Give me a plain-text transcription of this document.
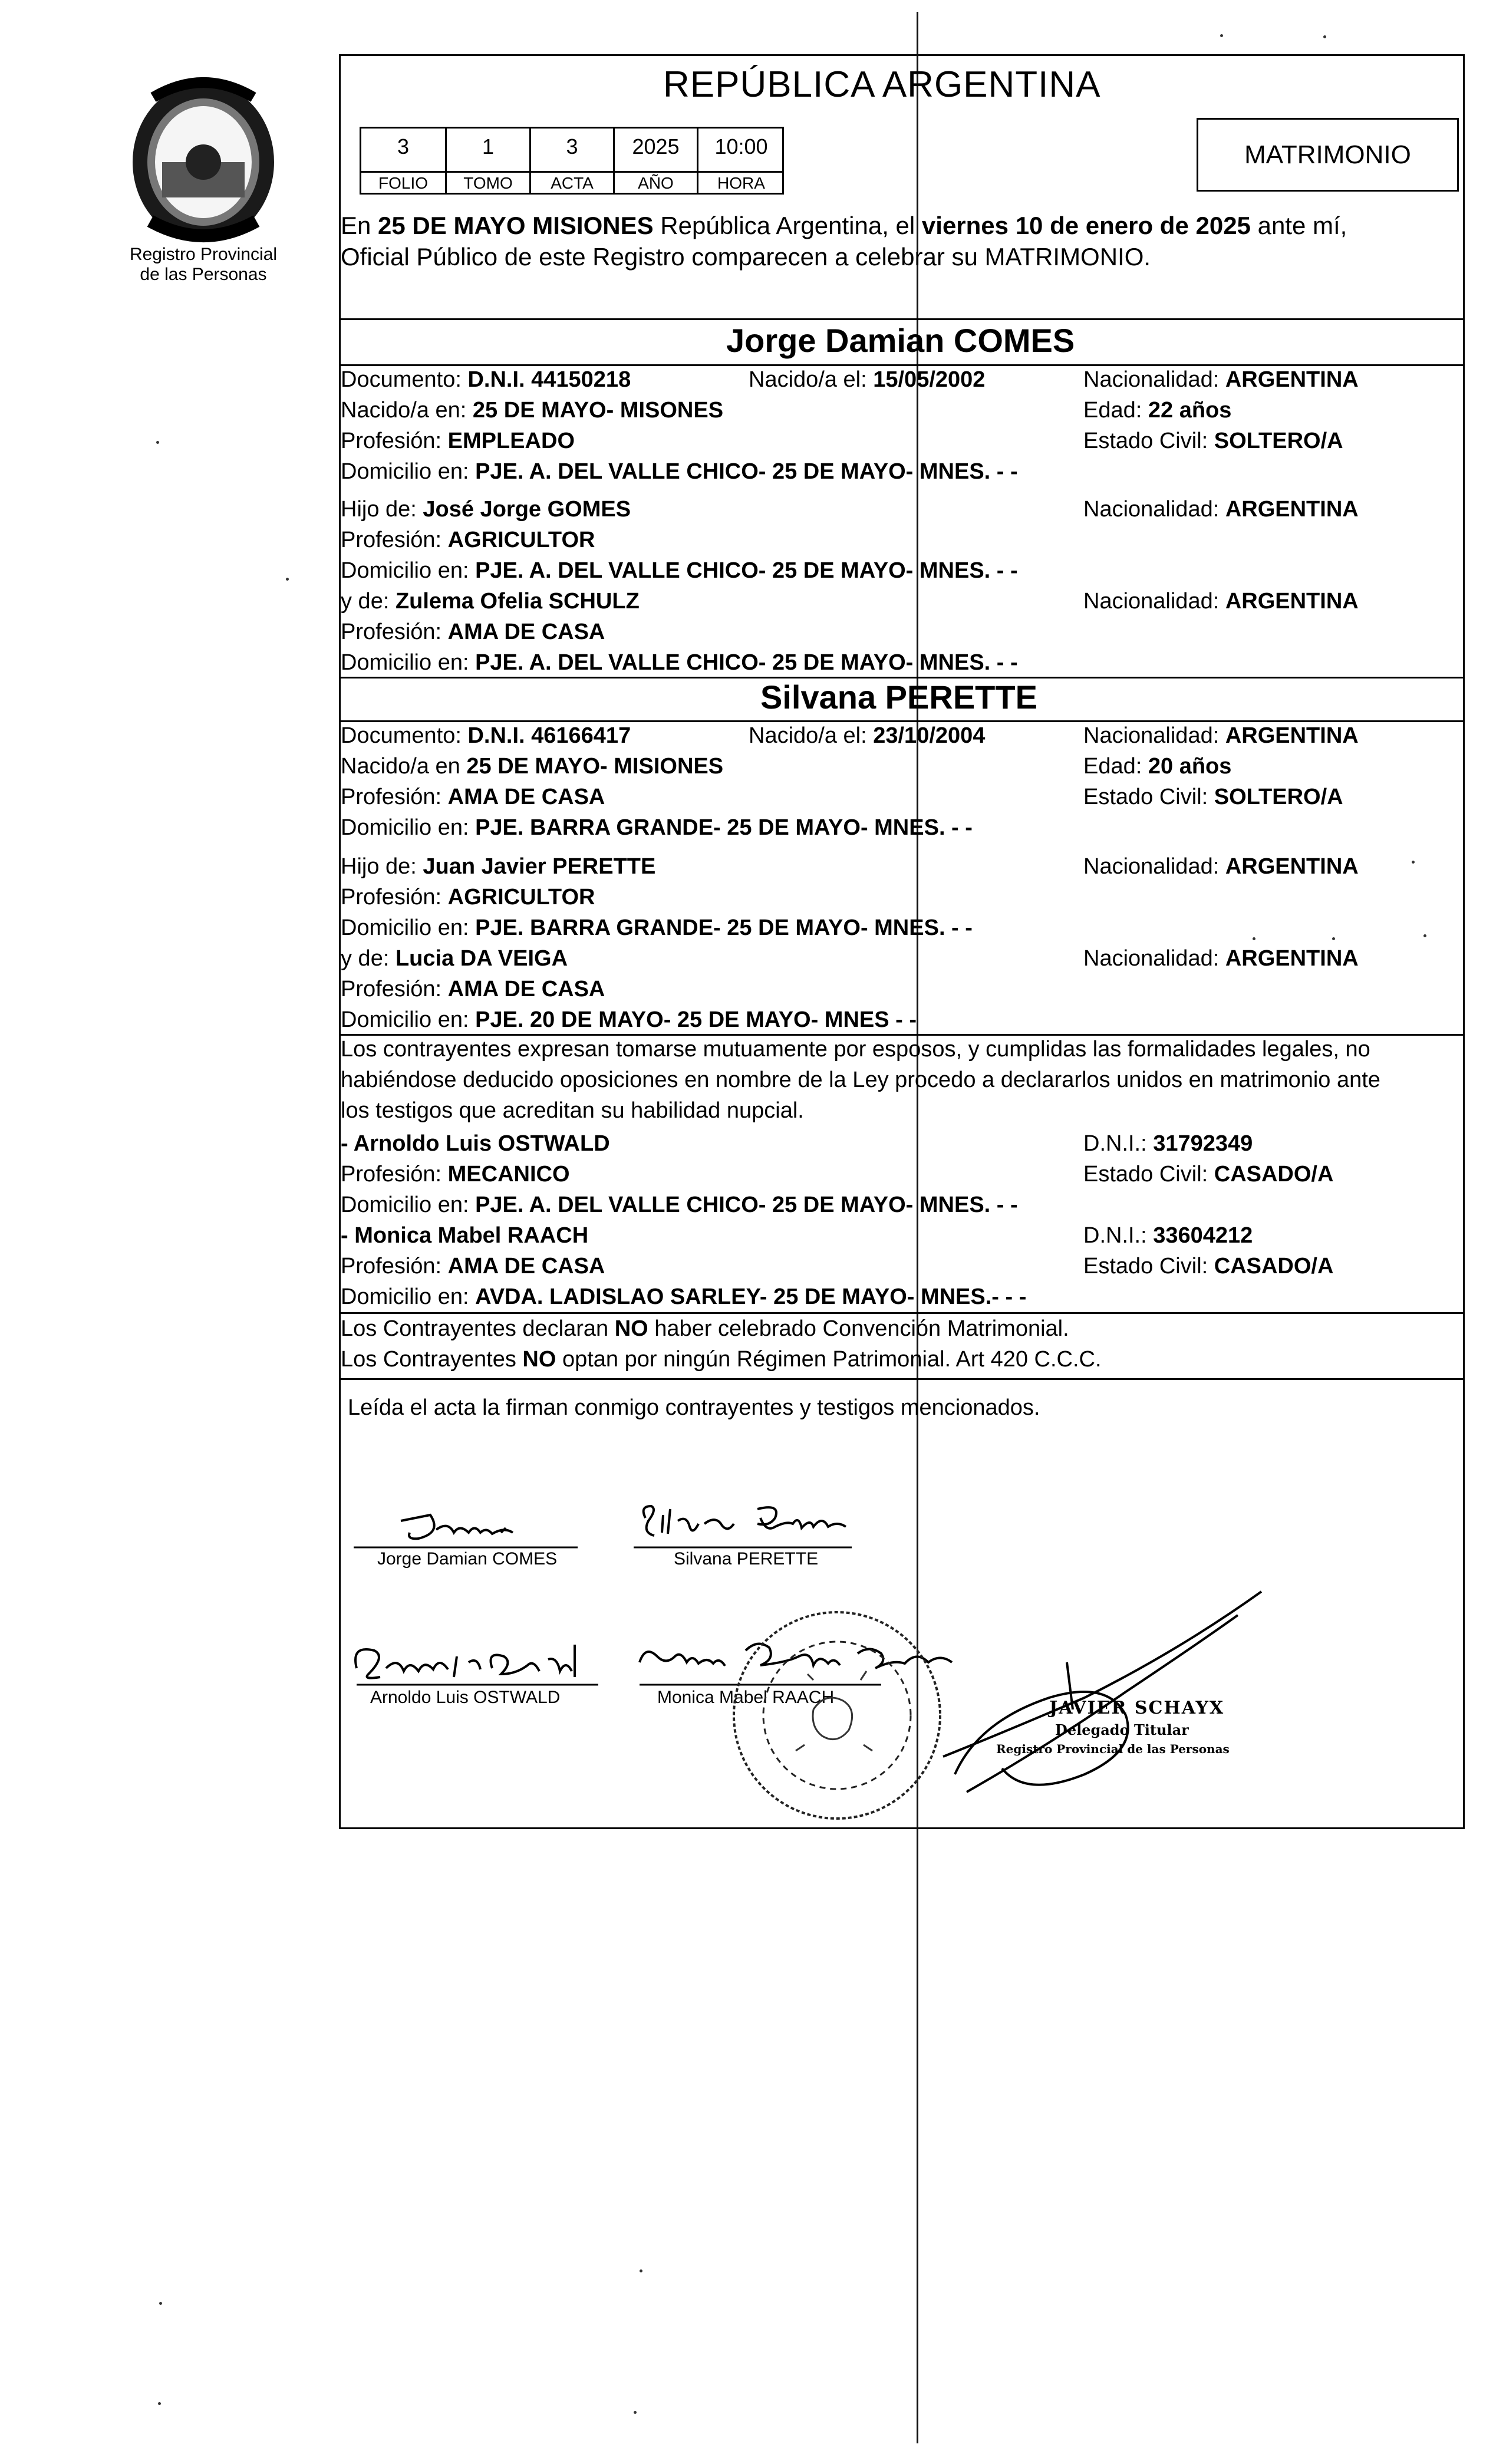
Registro Provincial
de las Personas
REPÚBLICA ARGENTINA
3	1	3	2025	10:00
FOLIO	TOMO	ACTA	AÑO	HORA
MATRIMONIO
En 25 DE MAYO MISIONES República Argentina, el viernes 10 de enero de 2025 ante mí,
Oficial Público de este Registro comparecen a celebrar su MATRIMONIO.
Jorge Damian COMES
Documento: D.N.I. 44150218	Nacido/a el: 15/05/2002	Nacionalidad: ARGENTINA
Nacido/a en: 25 DE MAYO- MISONES	Edad: 22 años
Profesión: EMPLEADO	Estado Civil: SOLTERO/A
Domicilio en: PJE. A. DEL VALLE CHICO- 25 DE MAYO- MNES. - -
Hijo de: José Jorge GOMES	Nacionalidad: ARGENTINA
Profesión: AGRICULTOR
Domicilio en: PJE. A. DEL VALLE CHICO- 25 DE MAYO- MNES. - -
y de: Zulema Ofelia SCHULZ	Nacionalidad: ARGENTINA
Profesión: AMA DE CASA
Domicilio en: PJE. A. DEL VALLE CHICO- 25 DE MAYO- MNES. - -
Silvana PERETTE
Documento: D.N.I. 46166417	Nacido/a el: 23/10/2004	Nacionalidad: ARGENTINA
Nacido/a en 25 DE MAYO- MISIONES	Edad: 20 años
Profesión: AMA DE CASA	Estado Civil: SOLTERO/A
Domicilio en: PJE. BARRA GRANDE- 25 DE MAYO- MNES. - -
Hijo de: Juan Javier PERETTE	Nacionalidad: ARGENTINA
Profesión: AGRICULTOR
Domicilio en: PJE. BARRA GRANDE- 25 DE MAYO- MNES. - -
y de: Lucia DA VEIGA	Nacionalidad: ARGENTINA
Profesión: AMA DE CASA
Domicilio en: PJE. 20 DE MAYO- 25 DE MAYO- MNES - -
Los contrayentes expresan tomarse mutuamente por esposos, y cumplidas las formalidades legales, no
habiéndose deducido oposiciones en nombre de la Ley procedo a declararlos unidos en matrimonio ante
los testigos que acreditan su habilidad nupcial.
- Arnoldo Luis OSTWALD	D.N.I.: 31792349
Profesión: MECANICO	Estado Civil: CASADO/A
Domicilio en: PJE. A. DEL VALLE CHICO- 25 DE MAYO- MNES. - -
- Monica Mabel RAACH	D.N.I.: 33604212
Profesión: AMA DE CASA	Estado Civil: CASADO/A
Domicilio en: AVDA. LADISLAO SARLEY- 25 DE MAYO- MNES.- - -
Los Contrayentes declaran NO haber celebrado Convención Matrimonial.
Los Contrayentes NO optan por ningún Régimen Patrimonial. Art 420 C.C.C.
Leída el acta la firman conmigo contrayentes y testigos mencionados.
Jorge Damian COMES	Silvana PERETTE
Arnoldo Luis OSTWALD	Monica Mabel RAACH
JAVIER SCHAYX
Delegado Titular
Registro Provincial de las Personas
